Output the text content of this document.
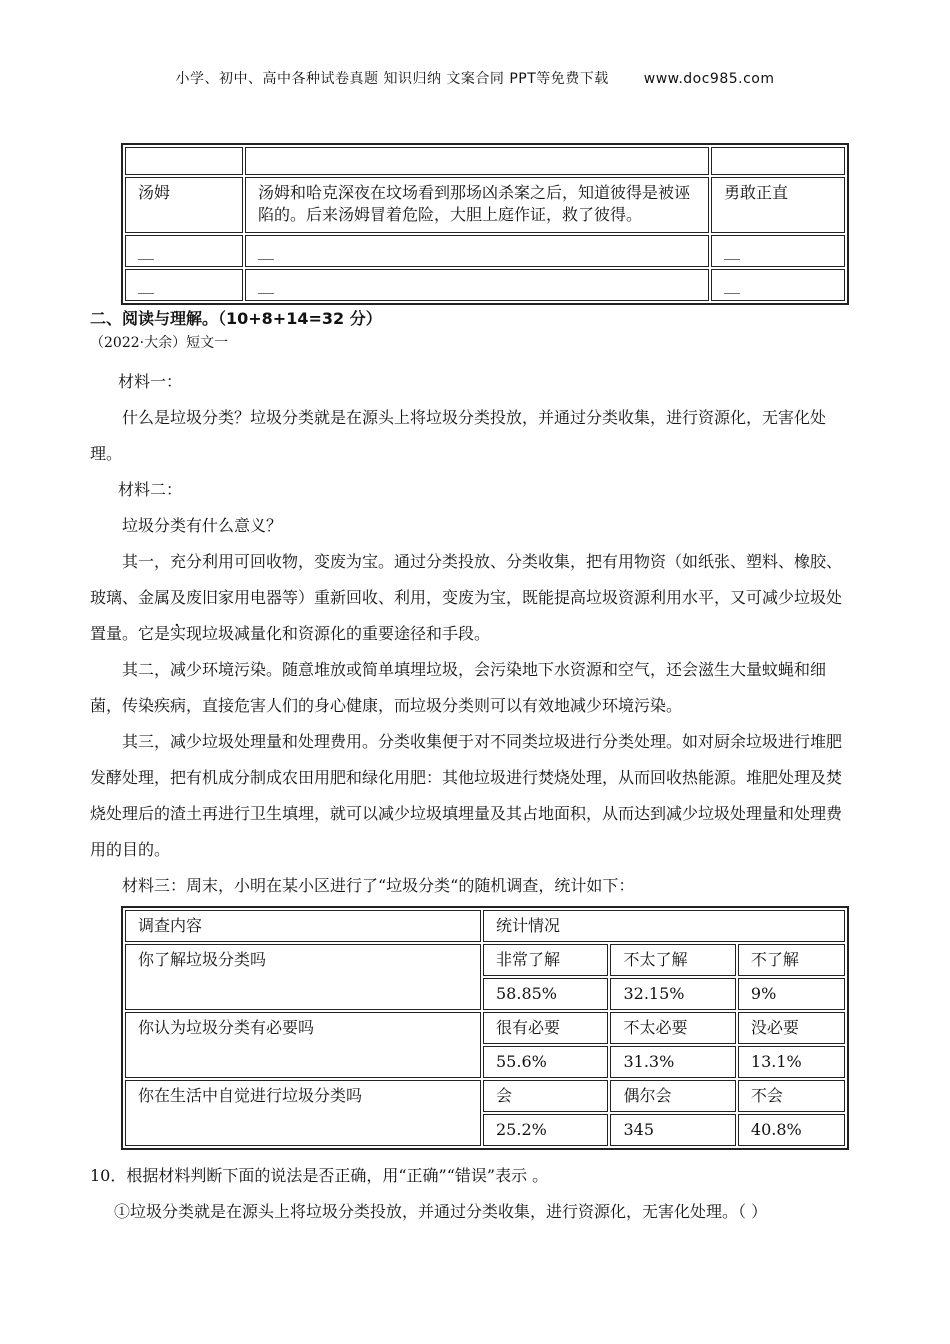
小学、初中、高中各种试卷真题 知识归纳 文案合同 PPT等免费下载 www.doc985.com

汤姆	汤姆和哈克深夜在坟场看到那场凶杀案之后，知道彼得是被诬陷的。后来汤姆冒着危险，大胆上庭作证，救了彼得。	勇敢正直
__	__	__
__	__	__
二、阅读与理解。（10+8+14=32 分）
（2022·大余）短文一

材料一：

什么是垃圾分类？垃圾分类就是在源头上将垃圾分类投放，并通过分类收集，进行资源化，无害化处理。

材料二：

垃圾分类有什么意义？

其一，充分利用可回收物，变废为宝。通过分类投放、分类收集，把有用物资（如纸张、塑料、橡胶、玻璃、金属及废旧家用电器等）重新回收、利用，变废为宝，既能提高垃圾资源利用水平，又可减少垃圾处置量。它 ·是实现垃圾减量化和资源化的重要途径和手段。

其二，减少环境污染。随意堆放或简单填埋垃圾，会污染地下水资源和空气，还会滋生大量蚊蝇和细菌，传染疾病，直接危害人们的身心健康，而垃圾分类则可以有效地减少环境污染。

其三，减少垃圾处理量和处理费用。分类收集便于对不同类垃圾进行分类处理。如对厨余垃圾进行堆肥发酵处理，把有机成分制成农田用肥和绿化用肥：其他垃圾进行焚烧处理，从而回收热能源。堆肥处理及焚烧处理后的渣土再进行卫生填埋，就可以减少垃圾填埋量及其占地面积，从而达到减少垃圾处理量和处理费用的目的。

材料三：周末，小明在某小区进行了“垃圾分类“的随机调查，统计如下：

调查内容	统计情况		
你了解垃圾分类吗	非常了解	不太了解	不了解
	58.85%	32.15%	9%
你认为垃圾分类有必要吗	很有必要	不太必要	没必要
	55.6%	31.3%	13.1%
你在生活中自觉进行垃圾分类吗	会	偶尔会	不会
	25.2%	345	40.8%

10．根据材料判断下面的说法是否正确，用“正确”“错误”表示 。

①垃圾分类就是在源头上将垃圾分类投放，并通过分类收集，进行资源化，无害化处理。（ ）
